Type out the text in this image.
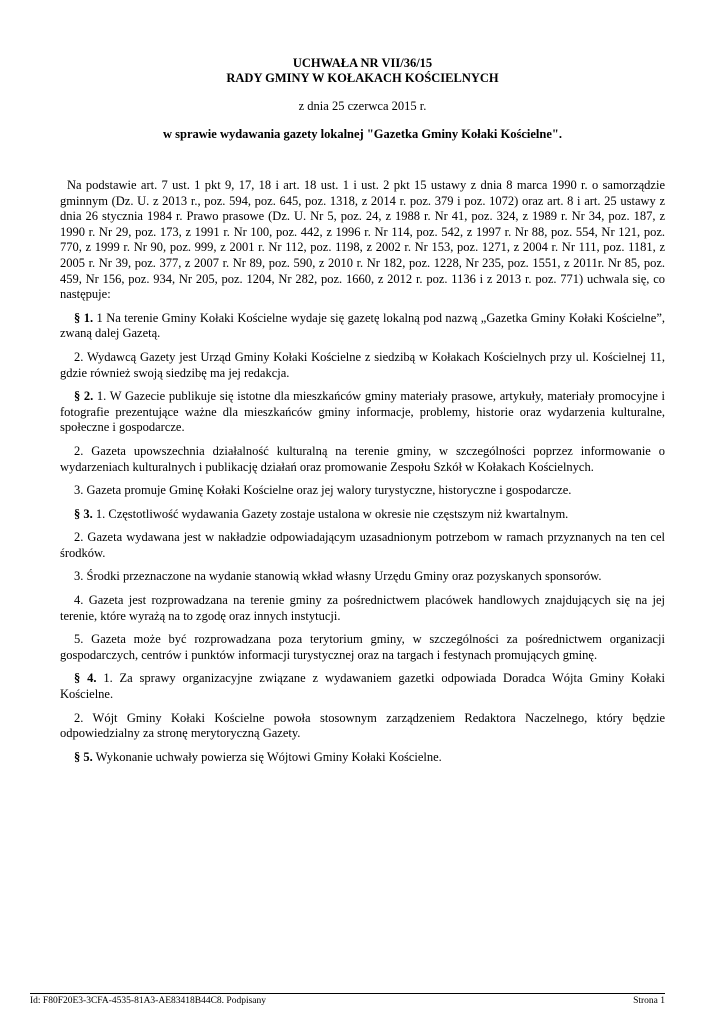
UCHWAŁA NR VII/36/15
RADY GMINY W KOŁAKACH KOŚCIELNYCH
z dnia 25 czerwca 2015 r.
w sprawie wydawania gazety lokalnej "Gazetka Gminy Kołaki Kościelne".

Na podstawie art. 7 ust. 1 pkt 9, 17, 18 i art. 18 ust. 1 i ust. 2 pkt 15 ustawy z dnia 8 marca 1990 r. o samorządzie gminnym (Dz. U. z 2013 r., poz. 594, poz. 645, poz. 1318, z 2014 r. poz. 379 i poz. 1072) oraz art. 8 i art. 25 ustawy z dnia 26 stycznia 1984 r. Prawo prasowe (Dz. U. Nr 5, poz. 24, z 1988 r. Nr 41, poz. 324, z 1989 r. Nr 34, poz. 187, z 1990 r. Nr 29, poz. 173, z 1991 r. Nr 100, poz. 442, z 1996 r. Nr 114, poz. 542, z 1997 r. Nr 88, poz. 554, Nr 121, poz. 770, z 1999 r. Nr 90, poz. 999, z 2001 r. Nr 112, poz. 1198, z 2002 r. Nr 153, poz. 1271, z 2004 r. Nr 111, poz. 1181, z 2005 r. Nr 39, poz. 377, z 2007 r. Nr 89, poz. 590, z 2010 r. Nr 182, poz. 1228, Nr 235, poz. 1551, z 2011r. Nr 85, poz. 459, Nr 156, poz. 934, Nr 205, poz. 1204, Nr 282, poz. 1660, z 2012 r. poz. 1136 i z 2013 r. poz. 771) uchwala się, co następuje:

§ 1. 1 Na terenie Gminy Kołaki Kościelne wydaje się gazetę lokalną pod nazwą „Gazetka Gminy Kołaki Kościelne”, zwaną dalej Gazetą.

2. Wydawcą Gazety jest Urząd Gminy Kołaki Kościelne z siedzibą w Kołakach Kościelnych przy ul. Kościelnej 11, gdzie również swoją siedzibę ma jej redakcja.

§ 2. 1. W Gazecie publikuje się istotne dla mieszkańców gminy materiały prasowe, artykuły, materiały promocyjne i fotografie prezentujące ważne dla mieszkańców gminy informacje, problemy, historie oraz wydarzenia kulturalne, społeczne i gospodarcze.

2. Gazeta upowszechnia działalność kulturalną na terenie gminy, w szczególności poprzez informowanie o wydarzeniach kulturalnych i publikację działań oraz promowanie Zespołu Szkół w Kołakach Kościelnych.

3. Gazeta promuje Gminę Kołaki Kościelne oraz jej walory turystyczne, historyczne i gospodarcze.

§ 3. 1. Częstotliwość wydawania Gazety zostaje ustalona w okresie nie częstszym niż kwartalnym.

2. Gazeta wydawana jest w nakładzie odpowiadającym uzasadnionym potrzebom w ramach przyznanych na ten cel środków.

3. Środki przeznaczone na wydanie stanowią wkład własny Urzędu Gminy oraz pozyskanych sponsorów.

4. Gazeta jest rozprowadzana na terenie gminy za pośrednictwem placówek handlowych znajdujących się na jej terenie, które wyrażą na to zgodę oraz innych instytucji.

5. Gazeta może być rozprowadzana poza terytorium gminy, w szczególności za pośrednictwem organizacji gospodarczych, centrów i punktów informacji turystycznej oraz na targach i festynach promujących gminę.

§ 4. 1. Za sprawy organizacyjne związane z wydawaniem gazetki odpowiada Doradca Wójta Gminy Kołaki Kościelne.

2. Wójt Gminy Kołaki Kościelne powoła stosownym zarządzeniem Redaktora Naczelnego, który będzie odpowiedzialny za stronę merytoryczną Gazety.

§ 5. Wykonanie uchwały powierza się Wójtowi Gminy Kołaki Kościelne.

Id: F80F20E3-3CFA-4535-81A3-AE83418B44C8. Podpisany	Strona 1
